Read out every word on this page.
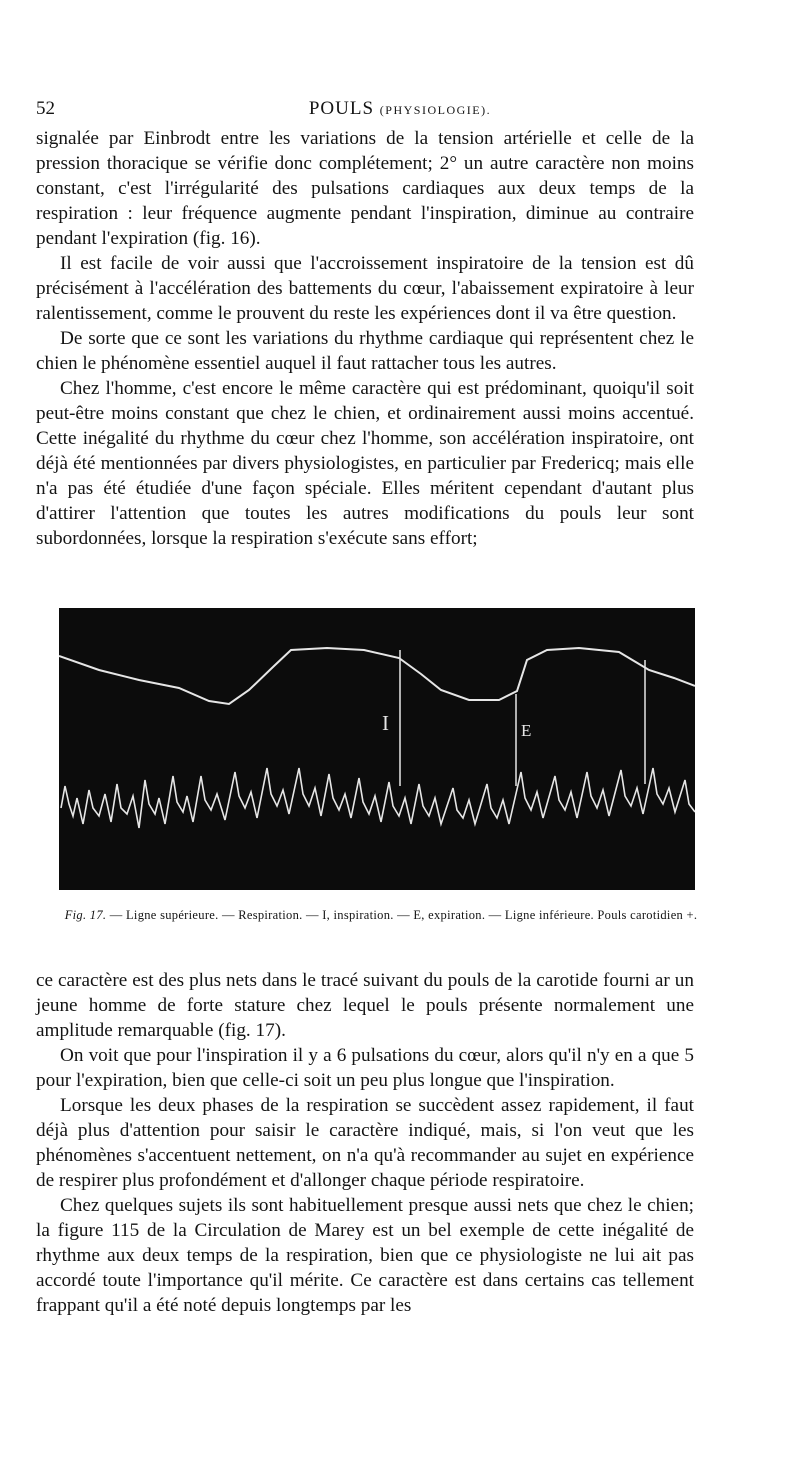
52	POULS (PHYSIOLOGIE).

signalée par Einbrodt entre les variations de la tension artérielle et celle de la pression thoracique se vérifie donc complétement; 2° un autre caractère non moins constant, c'est l'irrégularité des pulsations cardiaques aux deux temps de la respiration : leur fréquence augmente pendant l'inspiration, diminue au contraire pendant l'expiration (fig. 16).

Il est facile de voir aussi que l'accroissement inspiratoire de la tension est dû précisément à l'accélération des battements du cœur, l'abaissement expiratoire à leur ralentissement, comme le prouvent du reste les expériences dont il va être question.

De sorte que ce sont les variations du rhythme cardiaque qui représentent chez le chien le phénomène essentiel auquel il faut rattacher tous les autres.

Chez l'homme, c'est encore le même caractère qui est prédominant, quoiqu'il soit peut-être moins constant que chez le chien, et ordinairement aussi moins accentué. Cette inégalité du rhythme du cœur chez l'homme, son accélération inspiratoire, ont déjà été mentionnées par divers physiologistes, en particulier par Fredericq; mais elle n'a pas été étudiée d'une façon spéciale. Elles méritent cependant d'autant plus d'attirer l'attention que toutes les autres modifications du pouls leur sont subordonnées, lorsque la respiration s'exécute sans effort;

I	E
Fig. 17. — Ligne supérieure. — Respiration. — I, inspiration. — E, expiration. — Ligne inférieure. Pouls carotidien +.

ce caractère est des plus nets dans le tracé suivant du pouls de la carotide fourni ar un jeune homme de forte stature chez lequel le pouls présente normalement une amplitude remarquable (fig. 17).

On voit que pour l'inspiration il y a 6 pulsations du cœur, alors qu'il n'y en a que 5 pour l'expiration, bien que celle-ci soit un peu plus longue que l'inspiration.

Lorsque les deux phases de la respiration se succèdent assez rapidement, il faut déjà plus d'attention pour saisir le caractère indiqué, mais, si l'on veut que les phénomènes s'accentuent nettement, on n'a qu'à recommander au sujet en expérience de respirer plus profondément et d'allonger chaque période respiratoire.

Chez quelques sujets ils sont habituellement presque aussi nets que chez le chien; la figure 115 de la Circulation de Marey est un bel exemple de cette inégalité de rhythme aux deux temps de la respiration, bien que ce physiologiste ne lui ait pas accordé toute l'importance qu'il mérite. Ce caractère est dans certains cas tellement frappant qu'il a été noté depuis longtemps par les
